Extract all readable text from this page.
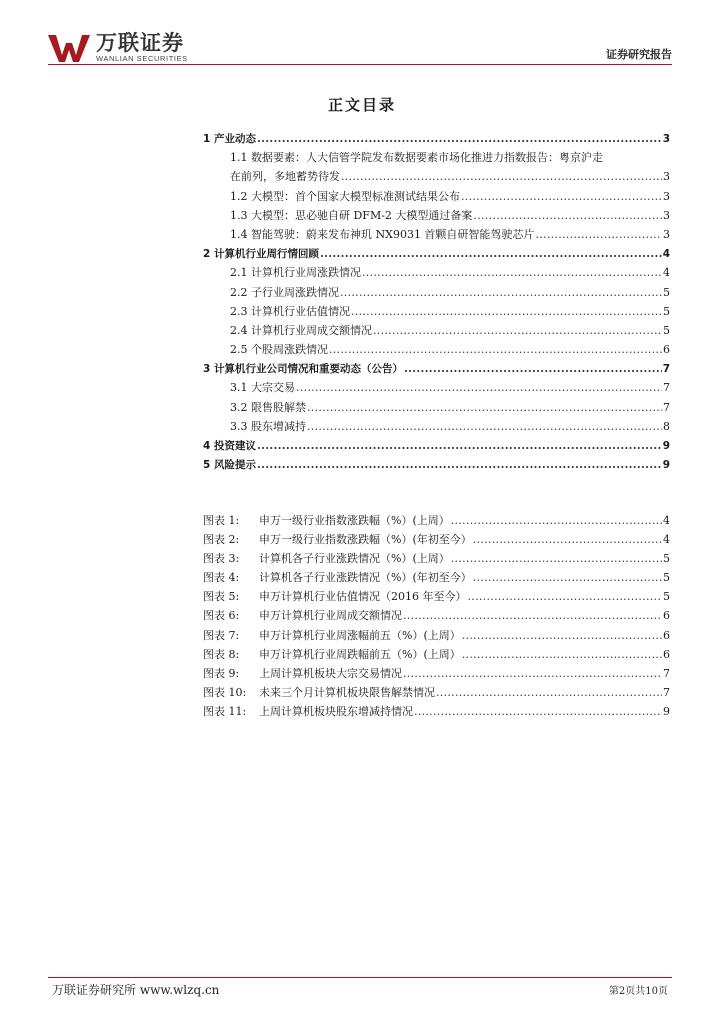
万联证券
WANLIAN SECURITIES	证券研究报告
正文目录
1 产业动态 .....	3
1.1 数据要素：人大信管学院发布数据要素市场化推进力指数报告：粤京沪走
在前列，多地蓄势待发 .....	3
1.2 大模型：首个国家大模型标准测试结果公布 .....	3
1.3 大模型：思必驰自研 DFM-2 大模型通过备案 .....	3
1.4 智能驾驶：蔚来发布神玑 NX9031 首颗自研智能驾驶芯片 .....	3
2 计算机行业周行情回顾 .....	4
2.1 计算机行业周涨跌情况 .....	4
2.2 子行业周涨跌情况 .....	5
2.3 计算机行业估值情况 .....	5
2.4 计算机行业周成交额情况 .....	5
2.5 个股周涨跌情况 .....	6
3 计算机行业公司情况和重要动态（公告） .....	7
3.1 大宗交易 .....	7
3.2 限售股解禁 .....	7
3.3 股东增减持 .....	8
4 投资建议 .....	9
5 风险提示 .....	9
图表 1: 申万一级行业指数涨跌幅（%）(上周） .....	4
图表 2: 申万一级行业指数涨跌幅（%）(年初至今） .....	4
图表 3: 计算机各子行业涨跌情况（%）(上周） .....	5
图表 4: 计算机各子行业涨跌情况（%）(年初至今） .....	5
图表 5: 申万计算机行业估值情况（2016 年至今） .....	5
图表 6: 申万计算机行业周成交额情况 .....	6
图表 7: 申万计算机行业周涨幅前五（%）(上周） .....	6
图表 8: 申万计算机行业周跌幅前五（%）(上周） .....	6
图表 9: 上周计算机板块大宗交易情况 .....	7
图表 10: 未来三个月计算机板块限售解禁情况 .....	7
图表 11: 上周计算机板块股东增减持情况 .....	9
万联证券研究所 www.wlzq.cn	第2页共10页
